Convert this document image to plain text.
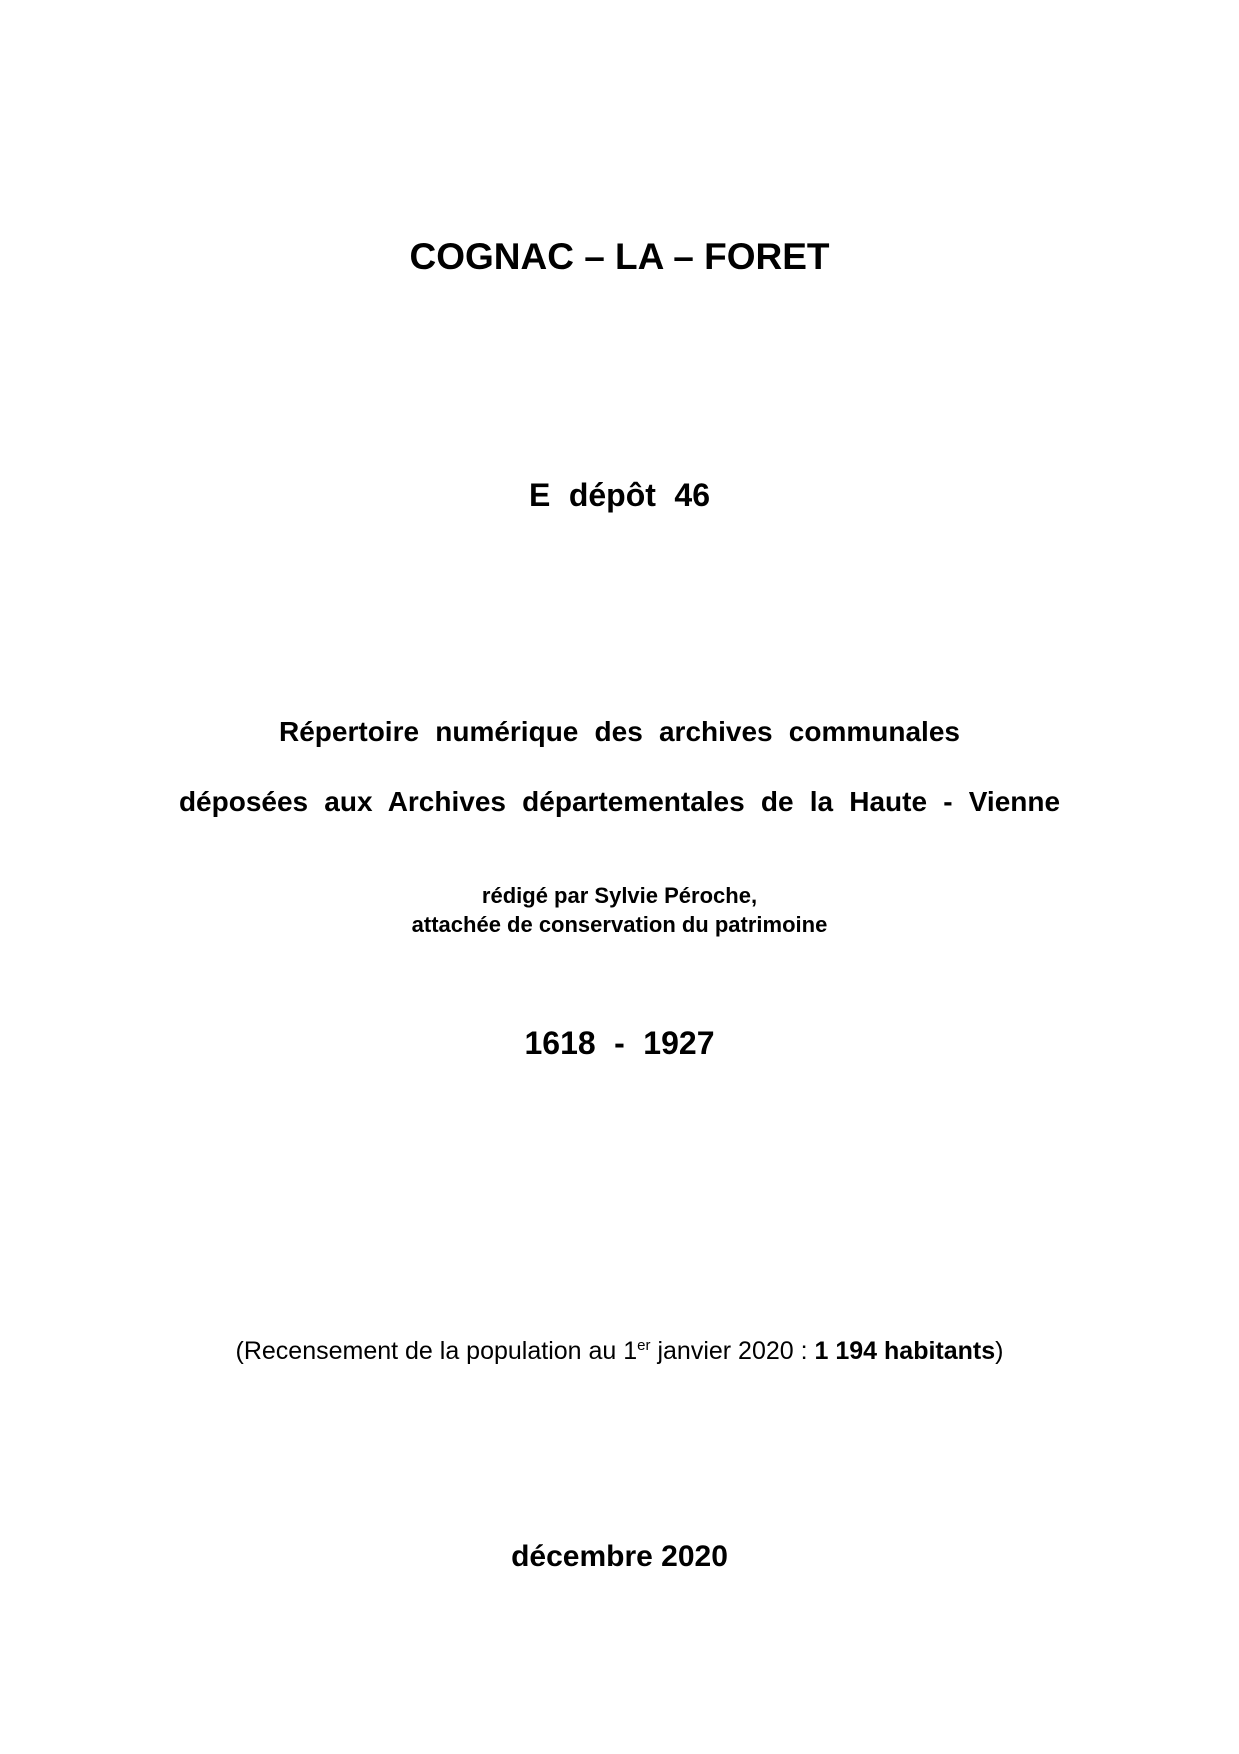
COGNAC – LA – FORET
E dépôt 46
Répertoire numérique des archives communales
déposées aux Archives départementales de la Haute - Vienne
rédigé par Sylvie Péroche,
attachée de conservation du patrimoine
1618 - 1927
(Recensement de la population au 1er janvier 2020 : 1 194 habitants)
décembre 2020
